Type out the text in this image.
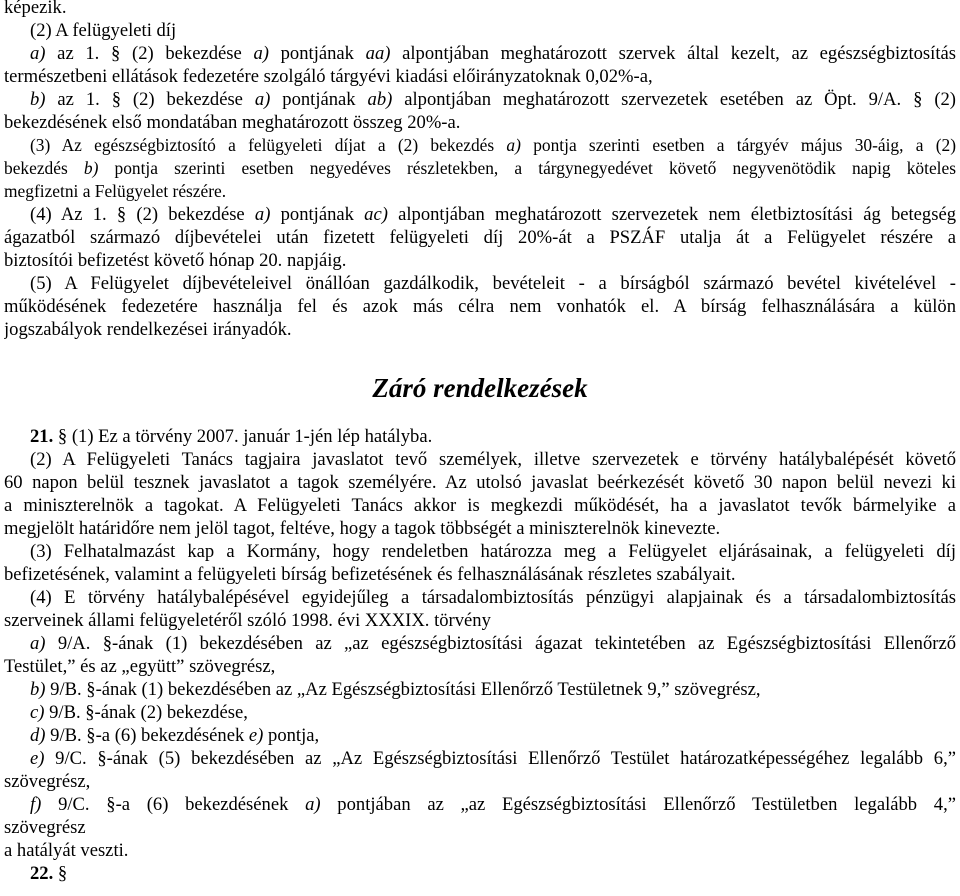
képezik.
(2) A felügyeleti díj
a) az 1. § (2) bekezdése a) pontjának aa) alpontjában meghatározott szervek által kezelt, az egészségbiztosítás
természetbeni ellátások fedezetére szolgáló tárgyévi kiadási előirányzatoknak 0,02%-a,
b) az 1. § (2) bekezdése a) pontjának ab) alpontjában meghatározott szervezetek esetében az Öpt. 9/A. § (2)
bekezdésének első mondatában meghatározott összeg 20%-a.
(3) Az egészségbiztosító a felügyeleti díjat a (2) bekezdés a) pontja szerinti esetben a tárgyév május 30-áig, a (2)
bekezdés b) pontja szerinti esetben negyedéves részletekben, a tárgynegyedévet követő negyvenötödik napig köteles
megfizetni a Felügyelet részére.
(4) Az 1. § (2) bekezdése a) pontjának ac) alpontjában meghatározott szervezetek nem életbiztosítási ág betegség
ágazatból származó díjbevételei után fizetett felügyeleti díj 20%-át a PSZÁF utalja át a Felügyelet részére a
biztosítói befizetést követő hónap 20. napjáig.
(5) A Felügyelet díjbevételeivel önállóan gazdálkodik, bevételeit - a bírságból származó bevétel kivételével -
működésének fedezetére használja fel és azok más célra nem vonhatók el. A bírság felhasználására a külön
jogszabályok rendelkezései irányadók.
Záró rendelkezések
21. § (1) Ez a törvény 2007. január 1-jén lép hatályba.
(2) A Felügyeleti Tanács tagjaira javaslatot tevő személyek, illetve szervezetek e törvény hatálybalépését követő
60 napon belül tesznek javaslatot a tagok személyére. Az utolsó javaslat beérkezését követő 30 napon belül nevezi ki
a miniszterelnök a tagokat. A Felügyeleti Tanács akkor is megkezdi működését, ha a javaslatot tevők bármelyike a
megjelölt határidőre nem jelöl tagot, feltéve, hogy a tagok többségét a miniszterelnök kinevezte.
(3) Felhatalmazást kap a Kormány, hogy rendeletben határozza meg a Felügyelet eljárásainak, a felügyeleti díj
befizetésének, valamint a felügyeleti bírság befizetésének és felhasználásának részletes szabályait.
(4) E törvény hatálybalépésével egyidejűleg a társadalombiztosítás pénzügyi alapjainak és a társadalombiztosítás
szerveinek állami felügyeletéről szóló 1998. évi XXXIX. törvény
a) 9/A. §-ának (1) bekezdésében az „az egészségbiztosítási ágazat tekintetében az Egészségbiztosítási Ellenőrző
Testület,” és az „együtt” szövegrész,
b) 9/B. §-ának (1) bekezdésében az „Az Egészségbiztosítási Ellenőrző Testületnek 9,” szövegrész,
c) 9/B. §-ának (2) bekezdése,
d) 9/B. §-a (6) bekezdésének e) pontja,
e) 9/C. §-ának (5) bekezdésében az „Az Egészségbiztosítási Ellenőrző Testület határozatképességéhez legalább 6,”
szövegrész,
f) 9/C. §-a (6) bekezdésének a) pontjában az „az Egészségbiztosítási Ellenőrző Testületben legalább 4,”
szövegrész
a hatályát veszti.
22. §
